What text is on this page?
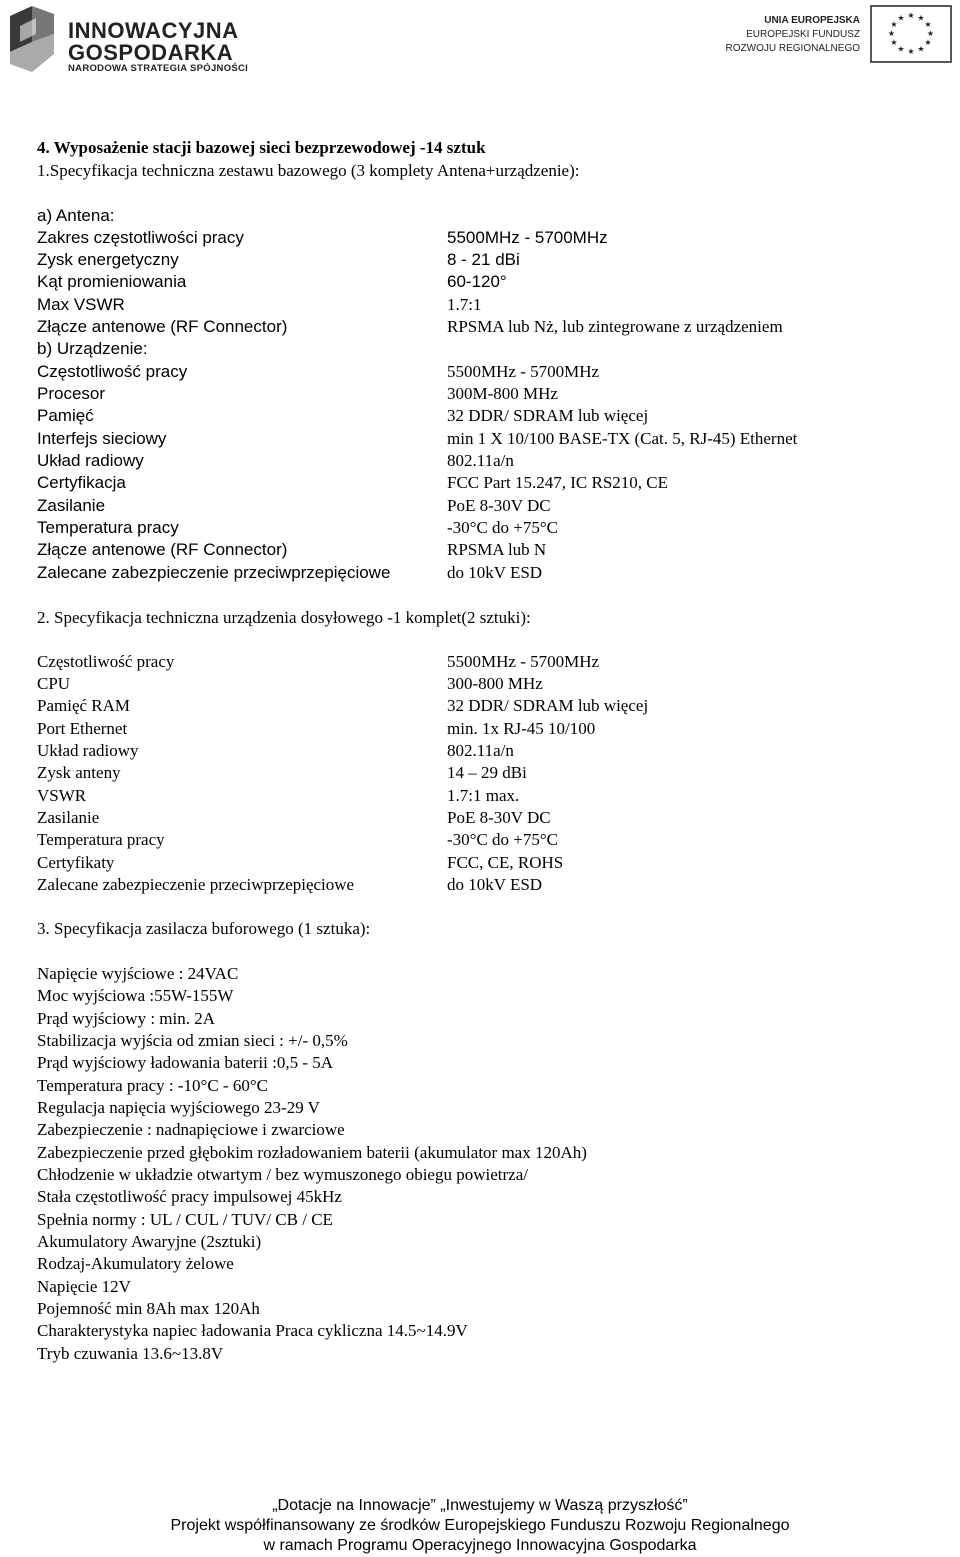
INNOWACYJNA
GOSPODARKA
NARODOWA STRATEGIA SPÓJNOŚCI
UNIA EUROPEJSKA
EUROPEJSKI FUNDUSZ
ROZWOJU REGIONALNEGO
★ ★
★
★
★
★
★
★
★
★
★
★
4. Wyposażenie stacji bazowej sieci bezprzewodowej -14 sztuk
1.Specyfikacja techniczna zestawu bazowego (3 komplety Antena+urządzenie):
a) Antena:
Zakres częstotliwości pracy	5500MHz - 5700MHz
Zysk energetyczny	8 - 21 dBi
Kąt promieniowania	60-120°
Max VSWR	1.7:1
Złącze antenowe (RF Connector)	RPSMA lub Nż, lub zintegrowane z urządzeniem
b) Urządzenie:
Częstotliwość pracy	5500MHz - 5700MHz
Procesor	300M-800 MHz
Pamięć	32 DDR/ SDRAM lub więcej
Interfejs sieciowy	min 1 X 10/100 BASE-TX (Cat. 5, RJ-45) Ethernet
Układ radiowy	802.11a/n
Certyfikacja	FCC Part 15.247, IC RS210, CE
Zasilanie	PoE 8-30V DC
Temperatura pracy	-30°C do +75°C
Złącze antenowe (RF Connector)	RPSMA lub N
Zalecane zabezpieczenie przeciwprzepięciowe	do 10kV ESD
2. Specyfikacja techniczna urządzenia dosyłowego -1 komplet(2 sztuki):
Częstotliwość pracy	5500MHz - 5700MHz
CPU	300-800 MHz
Pamięć RAM	32 DDR/ SDRAM lub więcej
Port Ethernet	min. 1x RJ-45 10/100
Układ radiowy	802.11a/n
Zysk anteny	14 – 29 dBi
VSWR	1.7:1 max.
Zasilanie	PoE 8-30V DC
Temperatura pracy	-30°C do +75°C
Certyfikaty	FCC, CE, ROHS
Zalecane zabezpieczenie przeciwprzepięciowe	do 10kV ESD
3. Specyfikacja zasilacza buforowego (1 sztuka):
Napięcie wyjściowe : 24VAC
Moc wyjściowa :55W-155W
Prąd wyjściowy : min. 2A
Stabilizacja wyjścia od zmian sieci : +/- 0,5%
Prąd wyjściowy ładowania baterii :0,5 - 5A
Temperatura pracy : -10°C - 60°C
Regulacja napięcia wyjściowego 23-29 V
Zabezpieczenie : nadnapięciowe i zwarciowe
Zabezpieczenie przed głębokim rozładowaniem baterii (akumulator max 120Ah)
Chłodzenie w układzie otwartym / bez wymuszonego obiegu powietrza/
Stała częstotliwość pracy impulsowej 45kHz
Spełnia normy : UL / CUL / TUV/ CB / CE
Akumulatory Awaryjne (2sztuki)
Rodzaj-Akumulatory żelowe
Napięcie 12V
Pojemność min 8Ah max 120Ah
Charakterystyka napiec ładowania Praca cykliczna 14.5~14.9V
Tryb czuwania 13.6~13.8V
„Dotacje na Innowacje” „Inwestujemy w Waszą przyszłość”
Projekt współfinansowany ze środków Europejskiego Funduszu Rozwoju Regionalnego
w ramach Programu Operacyjnego Innowacyjna Gospodarka
